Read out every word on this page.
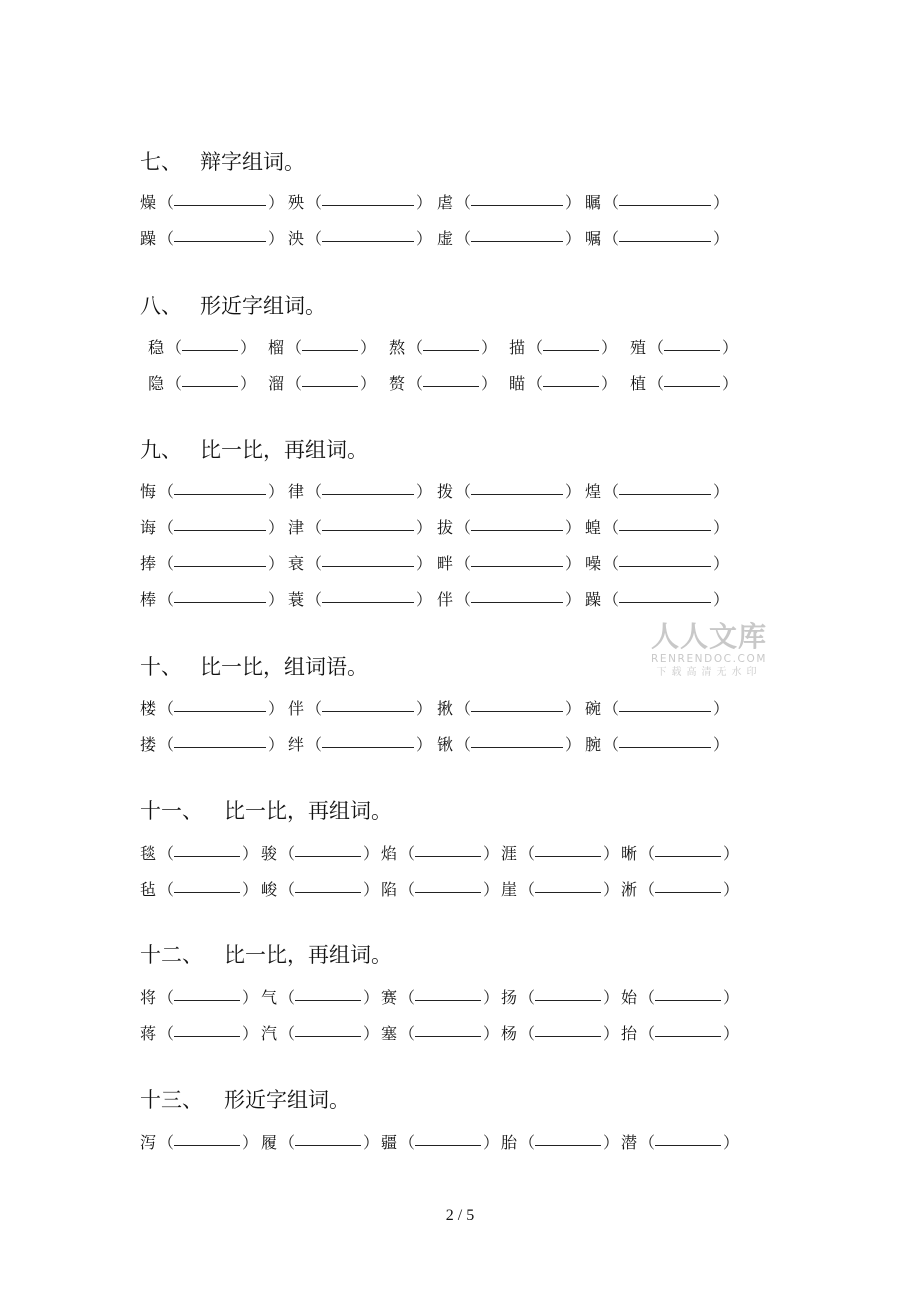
七、 辩字组词。
燥 （	） 殃 （	） 虐 （	） 瞩 （	）
躁 （	） 泱 （	） 虚 （	） 嘱 （	）
八、 形近字组词。
稳 （	） 榴 （	） 熬 （	） 描 （	） 殖 （	）
隐 （	） 溜 （	） 赘 （	） 瞄 （	） 植 （	）
九、 比一比，再组词。
悔 （	） 律 （	） 拨 （	） 煌 （	）
诲 （	） 津 （	） 拔 （	） 蝗 （	）
捧 （	） 衰 （	） 畔 （	） 噪 （	）
棒 （	） 蓑 （	） 伴 （	） 躁 （	）
十、 比一比，组词语。
楼 （	） 伴 （	） 揪 （	） 碗 （	）
搂 （	） 绊 （	） 锹 （	） 腕 （	）
十一、 比一比，再组词。
毯 （	） 骏 （	） 焰 （	） 涯 （	） 晰 （	）
毡 （	） 峻 （	） 陷 （	） 崖 （	） 淅 （	）
十二、 比一比，再组词。
将 （	） 气 （	） 赛 （	） 扬 （	） 始 （	）
蒋 （	） 汽 （	） 塞 （	） 杨 （	） 抬 （	）
十三、 形近字组词。
泻 （	） 履 （	） 疆 （	） 胎 （	） 潜 （	）
人人文库
RENRENDOC.COM
下载高清无水印
2 / 5
